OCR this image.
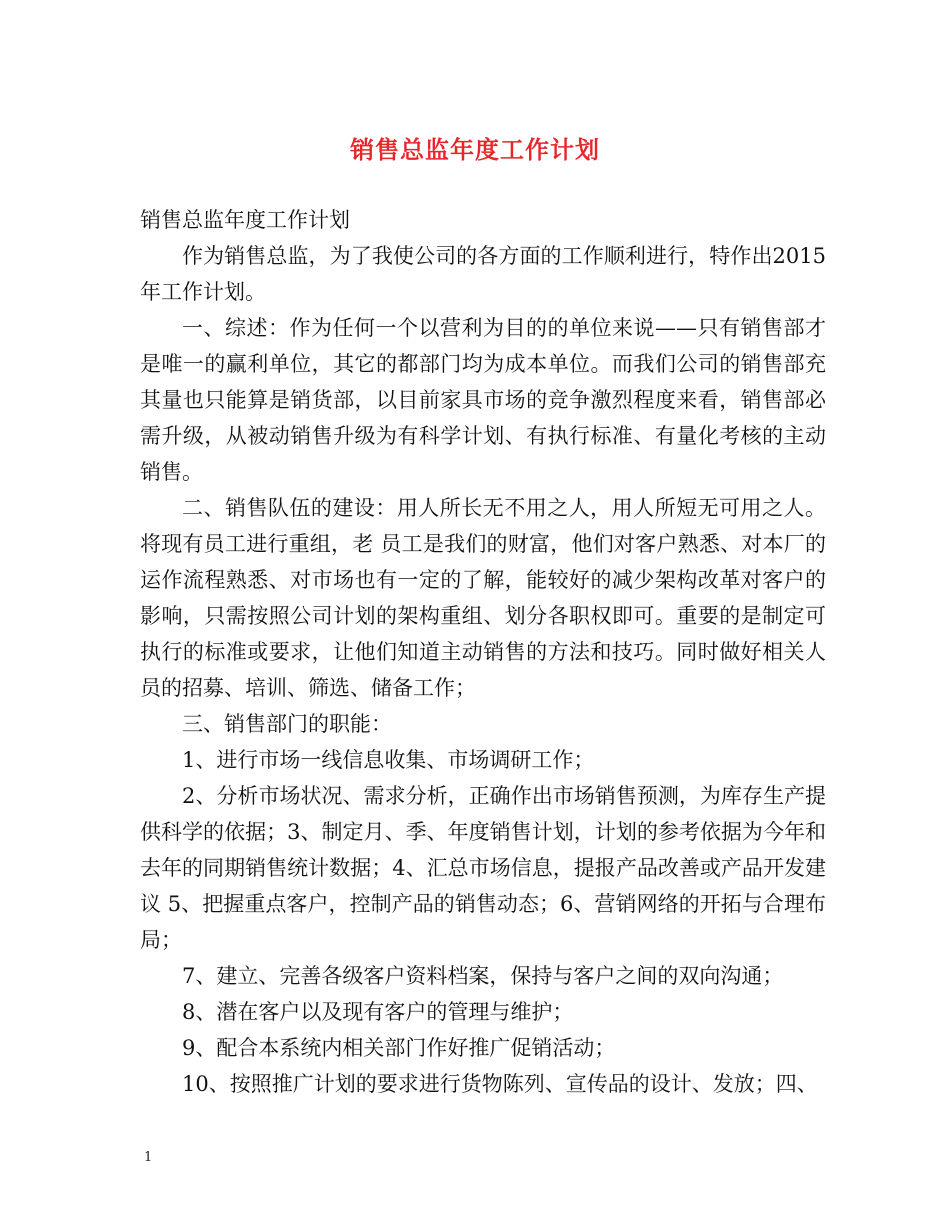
销售总监年度工作计划

销售总监年度工作计划

作为销售总监，为了我使公司的各方面的工作顺利进行，特作出2015年工作计划。

一、综述：作为任何一个以营利为目的的单位来说——只有销售部才是唯一的赢利单位，其它的都部门均为成本单位。而我们公司的销售部充其量也只能算是销货部，以目前家具市场的竞争激烈程度来看，销售部必需升级，从被动销售升级为有科学计划、有执行标准、有量化考核的主动销售。

二、销售队伍的建设：用人所长无不用之人，用人所短无可用之人。将现有员工进行重组，老 员工是我们的财富，他们对客户熟悉、对本厂的运作流程熟悉、对市场也有一定的了解，能较好的减少架构改革对客户的影响，只需按照公司计划的架构重组、划分各职权即可。重要的是制定可执行的标准或要求，让他们知道主动销售的方法和技巧。同时做好相关人员的招募、培训、筛选、储备工作；

三、销售部门的职能：

1、进行市场一线信息收集、市场调研工作；

2、分析市场状况、需求分析，正确作出市场销售预测，为库存生产提供科学的依据；3、制定月、季、年度销售计划，计划的参考依据为今年和去年的同期销售统计数据；4、汇总市场信息，提报产品改善或产品开发建议 5、把握重点客户，控制产品的销售动态；6、营销网络的开拓与合理布局；

7、建立、完善各级客户资料档案，保持与客户之间的双向沟通；

8、潜在客户以及现有客户的管理与维护；

9、配合本系统内相关部门作好推广促销活动；

10、按照推广计划的要求进行货物陈列、宣传品的设计、发放；四、

1
